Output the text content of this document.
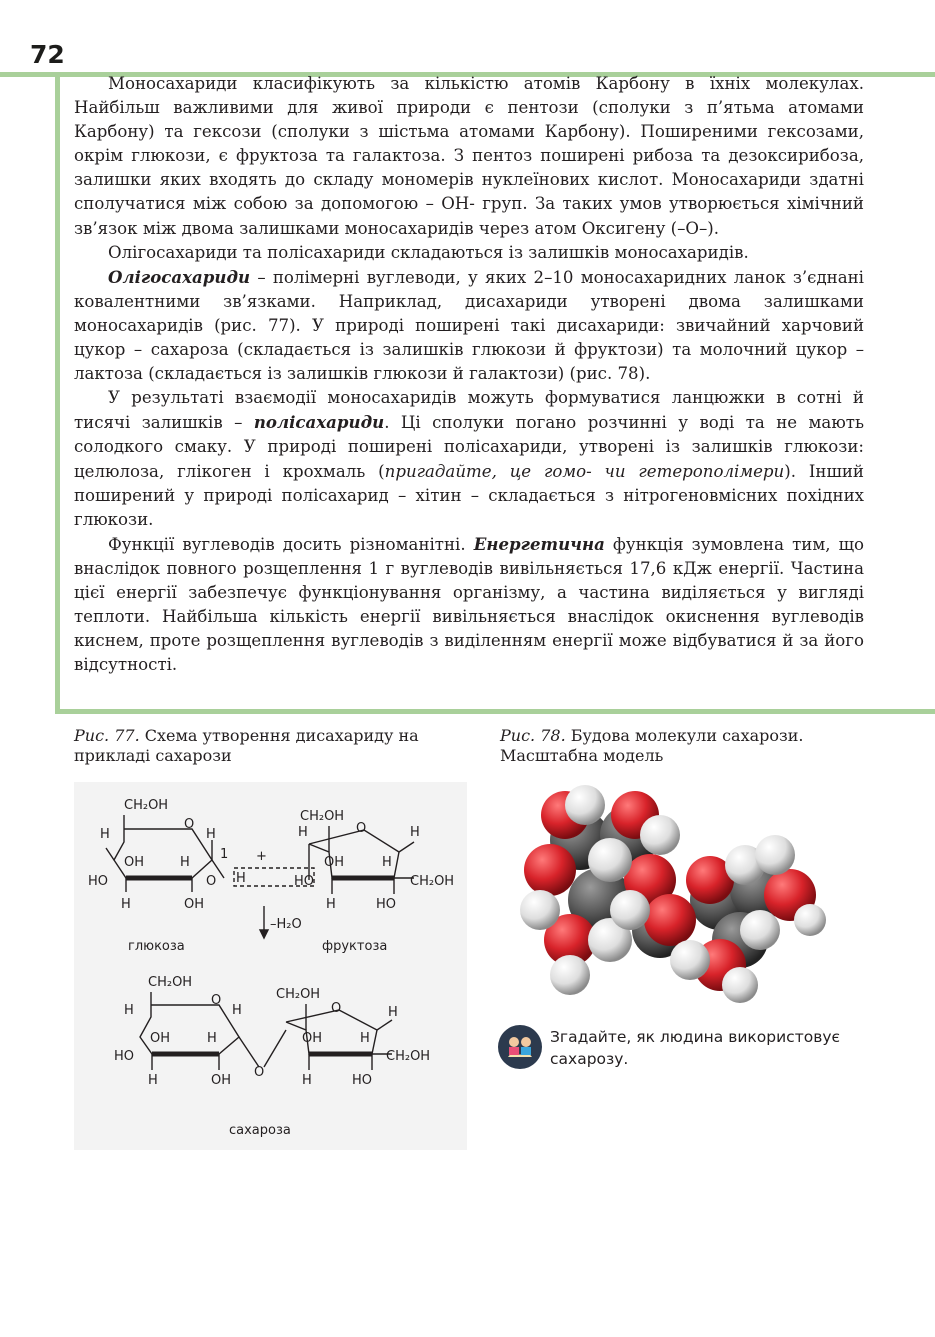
72

Моносахариди класифікують за кількістю атомів Карбону в їхніх молекулах. Найбільш важливими для живої природи є пентози (сполуки з п’ятьма атомами Карбону) та гексози (сполуки з шістьма атомами Карбону). Поширеними гексозами, окрім глюкози, є фруктоза та галактоза. З пентоз поширені рибоза та дезоксирибоза, залишки яких входять до складу мономерів нуклеїнових кислот. Моносахариди здатні сполучатися між собою за допомогою – ОН- груп. За таких умов утворюється хімічний зв’язок між двома залишками моносахаридів через атом Оксигену (–О–).

Олігосахариди та полісахариди складаються із залишків моносахаридів.

Олігосахариди – полімерні вуглеводи, у яких 2–10 моносахаридних ланок з’єднані ковалентними зв’язками. Наприклад, дисахариди утворені двома залишками моносахаридів (рис. 77). У природі поширені такі дисахариди: звичайний харчовий цукор – сахароза (складається із залишків глюкози й фруктози) та молочний цукор – лактоза (складається із залишків глюкози й галактози) (рис. 78).

У результаті взаємодії моносахаридів можуть формуватися ланцюжки в сотні й тисячі залишків – полісахариди. Ці сполуки погано розчинні у воді та не мають солодкого смаку. У природі поширені полісахариди, утворені із залишків глюкози: целюлоза, глікоген і крохмаль (пригадайте, це гомо- чи гетерополімери). Інший поширений у природі полісахарид – хітин – складається з нітрогеновмісних похідних глюкози.

Функції вуглеводів досить різноманітні. Енергетична функція зумовлена тим, що внаслідок повного розщеплення 1 г вуглеводів вивільняється 17,6 кДж енергії. Частина цієї енергії забезпечує функціонування організму, а частина виділяється у вигляді теплоти. Найбільша кількість енергії вивільняється внаслідок окиснення вуглеводів киснем, проте розщеплення вуглеводів з виділенням енергії може відбуватися й за його відсутності.

Рис. 77. Схема утворення дисахариду на прикладі сахарози
Рис. 78. Будова молекули сахарози. Масштабна модель
CH₂OH
O
H	H
OH	H
1
HO	O H
+
H	OH
CH₂OH
O
H	H
OH	H
HO	CH₂OH
H	HO
–H₂O
глюкоза	фруктоза
CH₂OH
O
H	H
OH	H
HO
O
H	OH
CH₂OH
O	H
OH	H
CH₂OH
H	HO
сахароза
Згадайте, як людина використовує сахарозу.
